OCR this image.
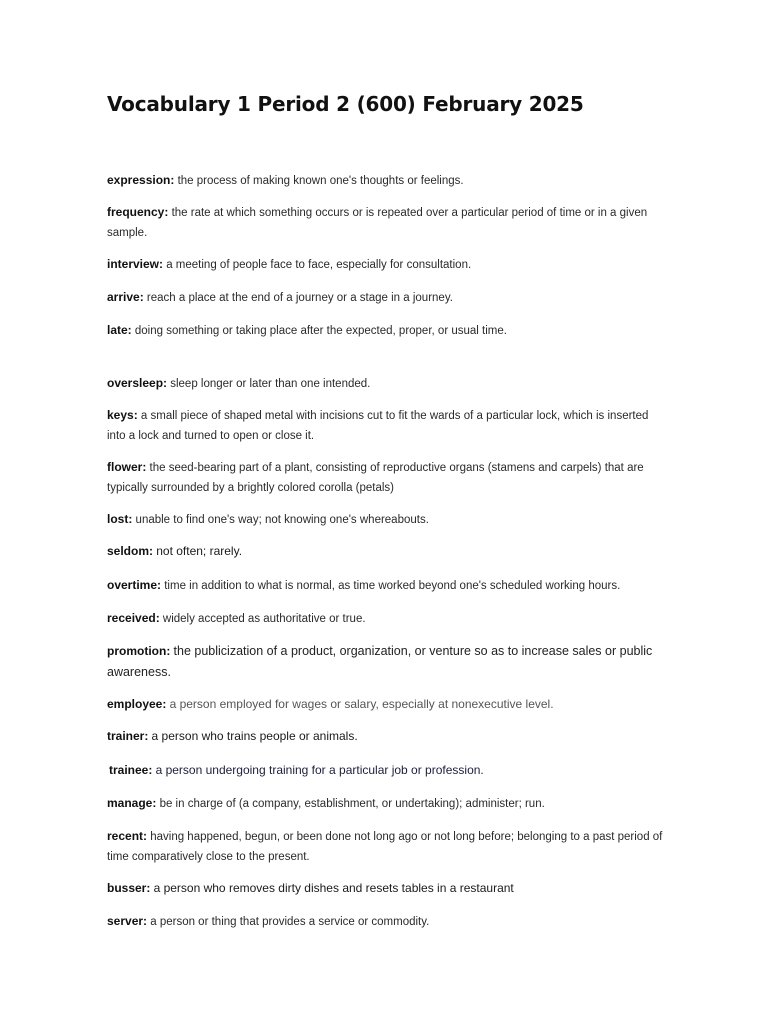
Vocabulary 1 Period 2 (600) February 2025
expression: the process of making known one's thoughts or feelings.
frequency: the rate at which something occurs or is repeated over a particular period of time or in a given sample.
interview: a meeting of people face to face, especially for consultation.
arrive: reach a place at the end of a journey or a stage in a journey.
late: doing something or taking place after the expected, proper, or usual time.
oversleep: sleep longer or later than one intended.
keys: a small piece of shaped metal with incisions cut to fit the wards of a particular lock, which is inserted into a lock and turned to open or close it.
flower: the seed-bearing part of a plant, consisting of reproductive organs (stamens and carpels) that are typically surrounded by a brightly colored corolla (petals)
lost: unable to find one's way; not knowing one's whereabouts.
seldom: not often; rarely.
overtime: time in addition to what is normal, as time worked beyond one's scheduled working hours.
received: widely accepted as authoritative or true.
promotion: the publicization of a product, organization, or venture so as to increase sales or public awareness.
employee: a person employed for wages or salary, especially at nonexecutive level.
trainer: a person who trains people or animals.
trainee: a person undergoing training for a particular job or profession.
manage: be in charge of (a company, establishment, or undertaking); administer; run.
recent: having happened, begun, or been done not long ago or not long before; belonging to a past period of time comparatively close to the present.
busser: a person who removes dirty dishes and resets tables in a restaurant
server: a person or thing that provides a service or commodity.
